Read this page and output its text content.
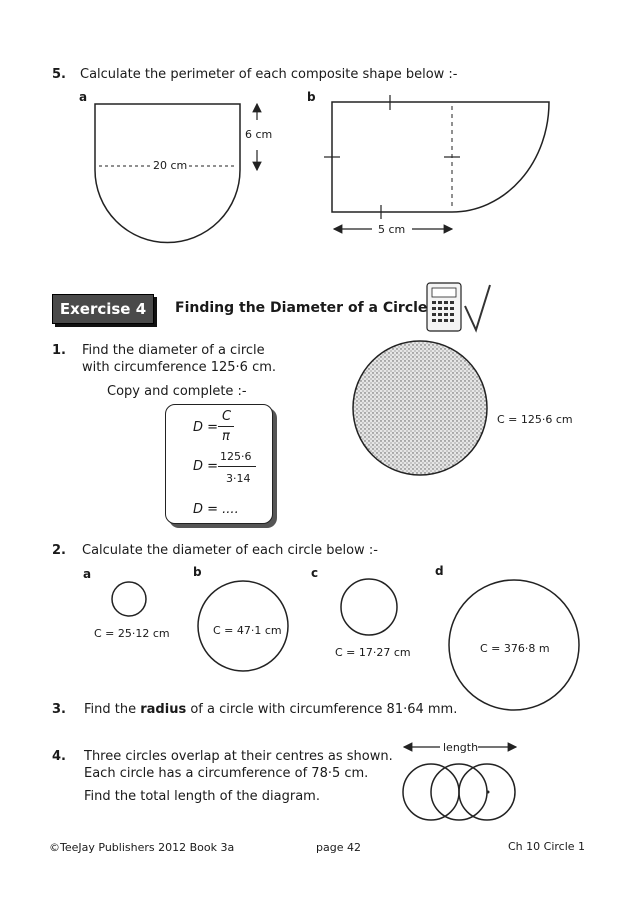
5. Calculate the perimeter of each composite shape below :-
a
20 cm
6 cm
b
5 cm
Exercise 4	Finding the Diameter of a Circle
1. Find the diameter of a circle
with circumference 125·6 cm.
Copy and complete :-
D =
C
π
D =
125·6
3·14
D = ....
C = 125·6 cm
2. Calculate the diameter of each circle below :-
a	b	c	d
C = 25·12 cm	C = 47·1 cm
C = 17·27 cm	C = 376·8 m
3. Find the radius of a circle with circumference 81·64 mm.
4. Three circles overlap at their centres as shown.
Each circle has a circumference of 78·5 cm.
Find the total length of the diagram.
length
©TeeJay Publishers 2012 Book 3a	page 42	Ch 10 Circle 1
